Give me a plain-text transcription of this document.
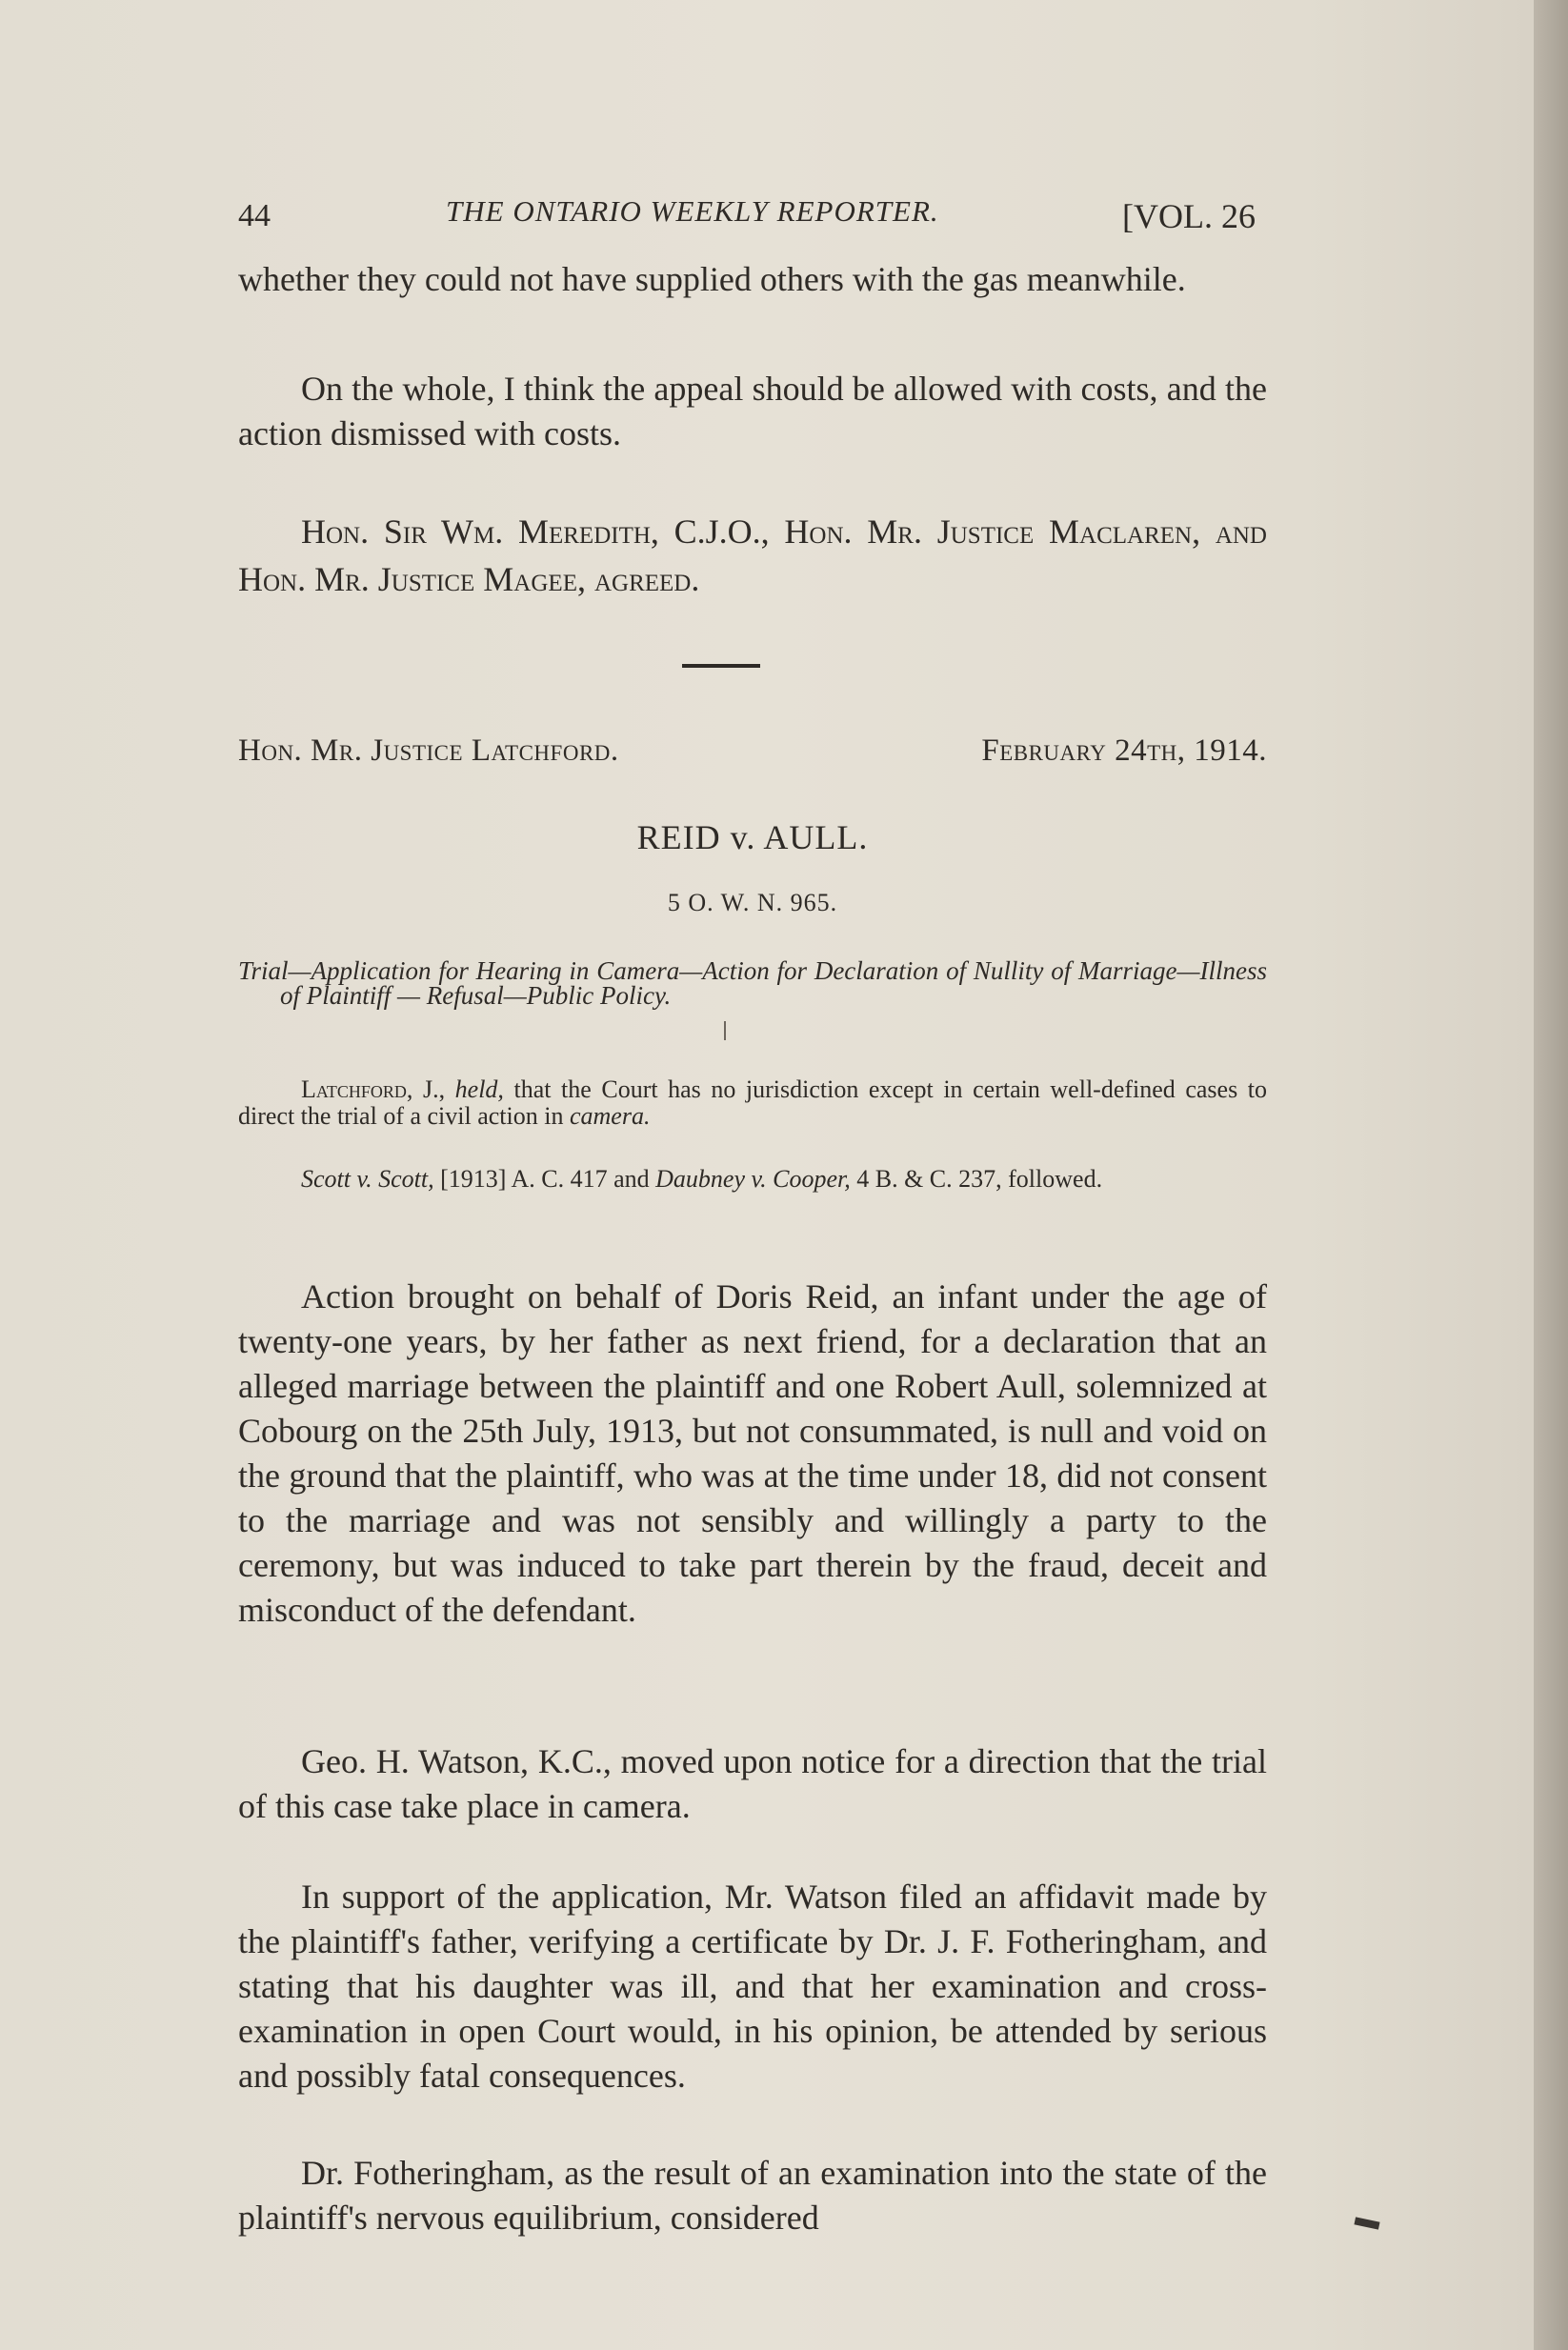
44	THE ONTARIO WEEKLY REPORTER.	[VOL. 26

whether they could not have supplied others with the gas meanwhile.

On the whole, I think the appeal should be allowed with costs, and the action dismissed with costs.

Hon. Sir Wm. Meredith, C.J.O., Hon. Mr. Justice Maclaren, and Hon. Mr. Justice Magee, agreed.

Hon. Mr. Justice Latchford.	February 24th, 1914.
REID v. AULL.
5 O. W. N. 965.

Trial—Application for Hearing in Camera—Action for Declaration of Nullity of Marriage—Illness of Plaintiff — Refusal—Public Policy.

Latchford, J., held, that the Court has no jurisdiction except in certain well-defined cases to direct the trial of a civil action in camera.

Scott v. Scott, [1913] A. C. 417 and Daubney v. Cooper, 4 B. & C. 237, followed.

Action brought on behalf of Doris Reid, an infant under the age of twenty-one years, by her father as next friend, for a declaration that an alleged marriage between the plaintiff and one Robert Aull, solemnized at Cobourg on the 25th July, 1913, but not consummated, is null and void on the ground that the plaintiff, who was at the time under 18, did not consent to the marriage and was not sensibly and willingly a party to the ceremony, but was induced to take part therein by the fraud, deceit and misconduct of the defendant.

Geo. H. Watson, K.C., moved upon notice for a direction that the trial of this case take place in camera.

In support of the application, Mr. Watson filed an affidavit made by the plaintiff's father, verifying a certificate by Dr. J. F. Fotheringham, and stating that his daughter was ill, and that her examination and cross-examination in open Court would, in his opinion, be attended by serious and possibly fatal consequences.

Dr. Fotheringham, as the result of an examination into the state of the plaintiff's nervous equilibrium, considered
